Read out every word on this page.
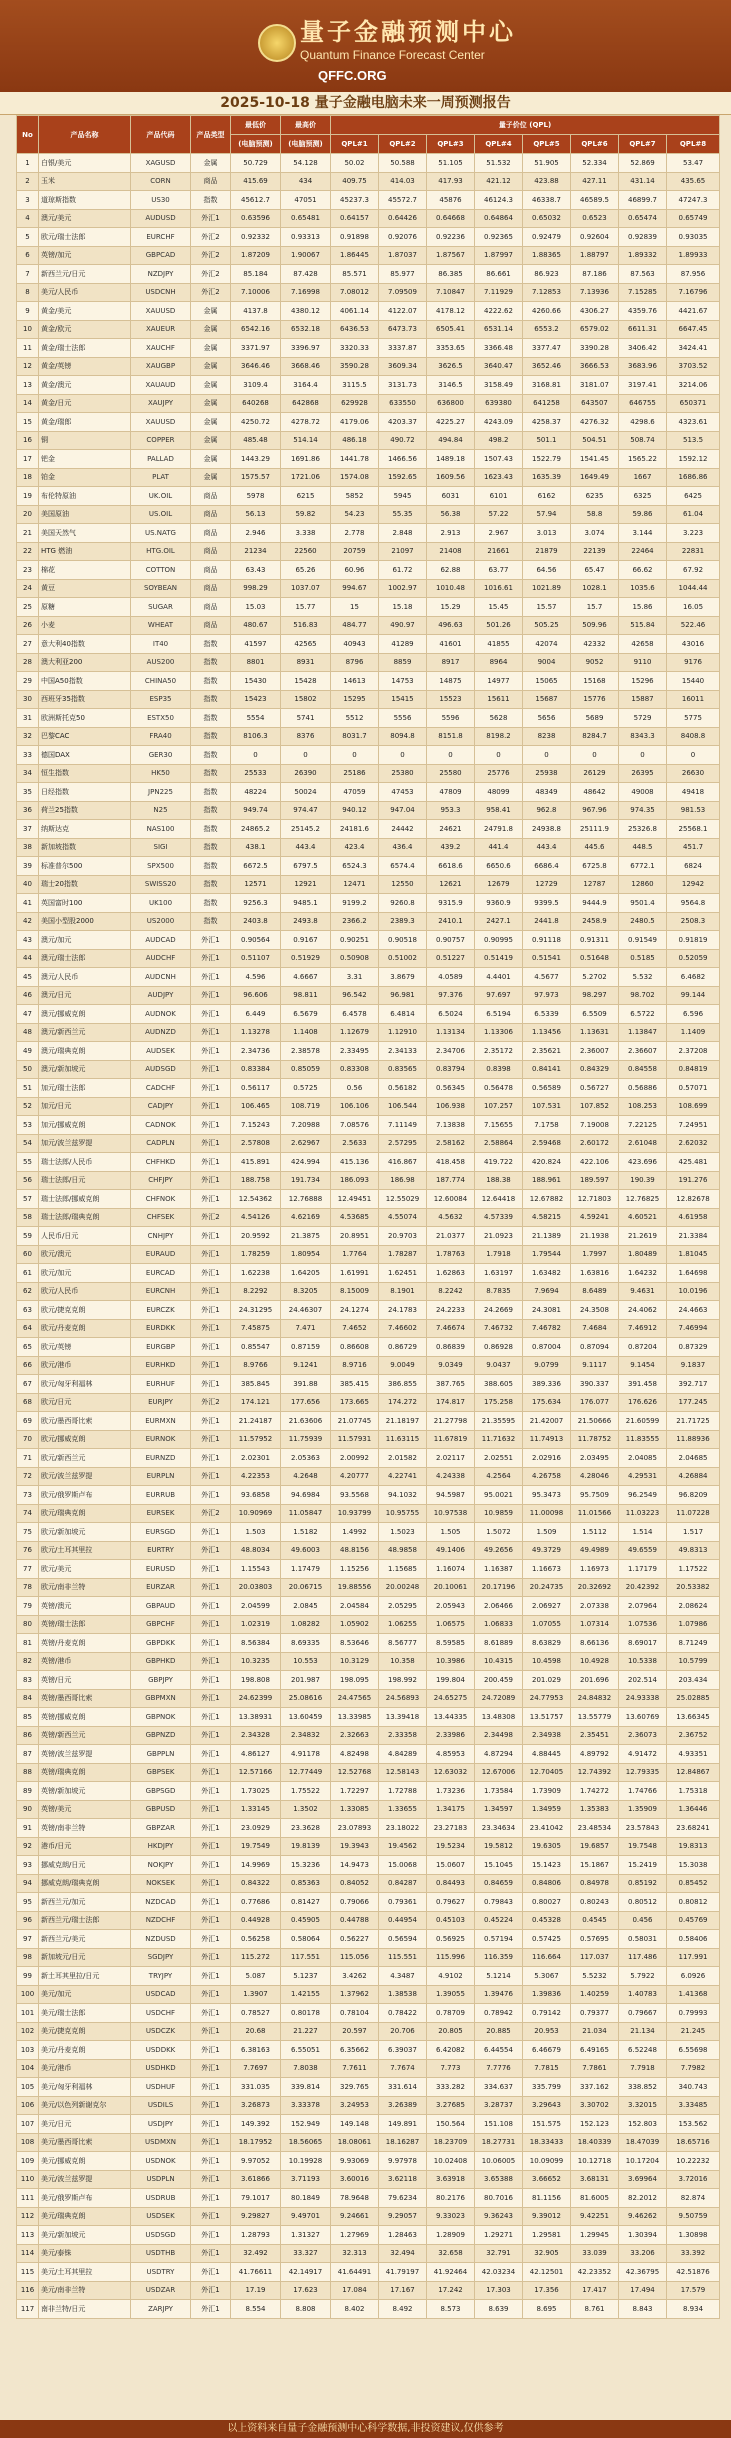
量子金融预测中心
Quantum Finance Forecast Center
QFFC.ORG
2025-10-18 量子金融电脑未来一周预测报告
No	产品名称	产品代码	产品类型	最低价	最高价	量子价位 (QPL)							
				(电脑预测)	(电脑预测)	QPL#1	QPL#2	QPL#3	QPL#4	QPL#5	QPL#6	QPL#7	QPL#8
1	白银/美元	XAGUSD	金属	50.729	54.128	50.02	50.588	51.105	51.532	51.905	52.334	52.869	53.47
2	玉米	CORN	商品	415.69	434	409.75	414.03	417.93	421.12	423.88	427.11	431.14	435.65
3	道琼斯指数	US30	指数	45612.7	47051	45237.3	45572.7	45876	46124.3	46338.7	46589.5	46899.7	47247.3
4	澳元/美元	AUDUSD	外汇1	0.63596	0.65481	0.64157	0.64426	0.64668	0.64864	0.65032	0.6523	0.65474	0.65749
5	欧元/瑞士法郎	EURCHF	外汇2	0.92332	0.93313	0.91898	0.92076	0.92236	0.92365	0.92479	0.92604	0.92839	0.93035
6	英镑/加元	GBPCAD	外汇2	1.87209	1.90067	1.86445	1.87037	1.87567	1.87997	1.88365	1.88797	1.89332	1.89933
7	新西兰元/日元	NZDJPY	外汇2	85.184	87.428	85.571	85.977	86.385	86.661	86.923	87.186	87.563	87.956
8	美元/人民币	USDCNH	外汇2	7.10006	7.16998	7.08012	7.09509	7.10847	7.11929	7.12853	7.13936	7.15285	7.16796
9	黄金/美元	XAUUSD	金属	4137.8	4380.12	4061.14	4122.07	4178.12	4222.62	4260.66	4306.27	4359.76	4421.67
10	黄金/欧元	XAUEUR	金属	6542.16	6532.18	6436.53	6473.73	6505.41	6531.14	6553.2	6579.02	6611.31	6647.45
11	黄金/瑞士法郎	XAUCHF	金属	3371.97	3396.97	3320.33	3337.87	3353.65	3366.48	3377.47	3390.28	3406.42	3424.41
12	黄金/英镑	XAUGBP	金属	3646.46	3668.46	3590.28	3609.34	3626.5	3640.47	3652.46	3666.53	3683.96	3703.52
13	黄金/澳元	XAUAUD	金属	3109.4	3164.4	3115.5	3131.73	3146.5	3158.49	3168.81	3181.07	3197.41	3214.06
14	黄金/日元	XAUJPY	金属	640268	642868	629928	633550	636800	639380	641258	643507	646755	650371
15	黄金/瑞郎	XAUUSD	金属	4250.72	4278.72	4179.06	4203.37	4225.27	4243.09	4258.37	4276.32	4298.6	4323.61
16	铜	COPPER	金属	485.48	514.14	486.18	490.72	494.84	498.2	501.1	504.51	508.74	513.5
17	钯金	PALLAD	金属	1443.29	1691.86	1441.78	1466.56	1489.18	1507.43	1522.79	1541.45	1565.22	1592.12
18	铂金	PLAT	金属	1575.57	1721.06	1574.08	1592.65	1609.56	1623.43	1635.39	1649.49	1667	1686.86
19	布伦特原油	UK.OIL	商品	5978	6215	5852	5945	6031	6101	6162	6235	6325	6425
20	美国原油	US.OIL	商品	56.13	59.82	54.23	55.35	56.38	57.22	57.94	58.8	59.86	61.04
21	美国天然气	US.NATG	商品	2.946	3.338	2.778	2.848	2.913	2.967	3.013	3.074	3.144	3.223
22	HTG 燃油	HTG.OIL	商品	21234	22560	20759	21097	21408	21661	21879	22139	22464	22831
23	棉花	COTTON	商品	63.43	65.26	60.96	61.72	62.88	63.77	64.56	65.47	66.62	67.92
24	黄豆	SOYBEAN	商品	998.29	1037.07	994.67	1002.97	1010.48	1016.61	1021.89	1028.1	1035.6	1044.44
25	原糖	SUGAR	商品	15.03	15.77	15	15.18	15.29	15.45	15.57	15.7	15.86	16.05
26	小麦	WHEAT	商品	480.67	516.83	484.77	490.97	496.63	501.26	505.25	509.96	515.84	522.46
27	意大利40指数	IT40	指数	41597	42565	40943	41289	41601	41855	42074	42332	42658	43016
28	澳大利亚200	AUS200	指数	8801	8931	8796	8859	8917	8964	9004	9052	9110	9176
29	中国A50指数	CHINA50	指数	15430	15428	14613	14753	14875	14977	15065	15168	15296	15440
30	西班牙35指数	ESP35	指数	15423	15802	15295	15415	15523	15611	15687	15776	15887	16011
31	欧洲斯托克50	ESTX50	指数	5554	5741	5512	5556	5596	5628	5656	5689	5729	5775
32	巴黎CAC	FRA40	指数	8106.3	8376	8031.7	8094.8	8151.8	8198.2	8238	8284.7	8343.3	8408.8
33	德国DAX	GER30	指数	0	0	0	0	0	0	0	0	0	0
34	恒生指数	HK50	指数	25533	26390	25186	25380	25580	25776	25938	26129	26395	26630
35	日经指数	JPN225	指数	48224	50024	47059	47453	47809	48099	48349	48642	49008	49418
36	荷兰25指数	N25	指数	949.74	974.47	940.12	947.04	953.3	958.41	962.8	967.96	974.35	981.53
37	纳斯达克	NAS100	指数	24865.2	25145.2	24181.6	24442	24621	24791.8	24938.8	25111.9	25326.8	25568.1
38	新加坡指数	SIGI	指数	438.1	443.4	423.4	436.4	439.2	441.4	443.4	445.6	448.5	451.7
39	标准普尔500	SPX500	指数	6672.5	6797.5	6524.3	6574.4	6618.6	6650.6	6686.4	6725.8	6772.1	6824
40	瑞士20指数	SWISS20	指数	12571	12921	12471	12550	12621	12679	12729	12787	12860	12942
41	英国富时100	UK100	指数	9256.3	9485.1	9199.2	9260.8	9315.9	9360.9	9399.5	9444.9	9501.4	9564.8
42	美国小型股2000	US2000	指数	2403.8	2493.8	2366.2	2389.3	2410.1	2427.1	2441.8	2458.9	2480.5	2508.3
43	澳元/加元	AUDCAD	外汇1	0.90564	0.9167	0.90251	0.90518	0.90757	0.90995	0.91118	0.91311	0.91549	0.91819
44	澳元/瑞士法郎	AUDCHF	外汇1	0.51107	0.51929	0.50908	0.51002	0.51227	0.51419	0.51541	0.51648	0.5185	0.52059
45	澳元/人民币	AUDCNH	外汇1	4.596	4.6667	3.31	3.8679	4.0589	4.4401	4.5677	5.2702	5.532	6.4682
46	澳元/日元	AUDJPY	外汇1	96.606	98.811	96.542	96.981	97.376	97.697	97.973	98.297	98.702	99.144
47	澳元/挪威克朗	AUDNOK	外汇1	6.449	6.5679	6.4578	6.4814	6.5024	6.5194	6.5339	6.5509	6.5722	6.596
48	澳元/新西兰元	AUDNZD	外汇1	1.13278	1.1408	1.12679	1.12910	1.13134	1.13306	1.13456	1.13631	1.13847	1.1409
49	澳元/瑞典克朗	AUDSEK	外汇1	2.34736	2.38578	2.33495	2.34133	2.34706	2.35172	2.35621	2.36007	2.36607	2.37208
50	澳元/新加坡元	AUDSGD	外汇1	0.83384	0.85059	0.83308	0.83565	0.83794	0.8398	0.84141	0.84329	0.84558	0.84819
51	加元/瑞士法郎	CADCHF	外汇1	0.56117	0.5725	0.56	0.56182	0.56345	0.56478	0.56589	0.56727	0.56886	0.57071
52	加元/日元	CADJPY	外汇1	106.465	108.719	106.106	106.544	106.938	107.257	107.531	107.852	108.253	108.699
53	加元/挪威克朗	CADNOK	外汇1	7.15243	7.20988	7.08576	7.11149	7.13838	7.15655	7.1758	7.19008	7.22125	7.24951
54	加元/波兰兹罗提	CADPLN	外汇1	2.57808	2.62967	2.5633	2.57295	2.58162	2.58864	2.59468	2.60172	2.61048	2.62032
55	瑞士法郎/人民币	CHFHKD	外汇1	415.891	424.994	415.136	416.867	418.458	419.722	420.824	422.106	423.696	425.481
56	瑞士法郎/日元	CHFJPY	外汇1	188.758	191.734	186.093	186.98	187.774	188.38	188.961	189.597	190.39	191.276
57	瑞士法郎/挪威克朗	CHFNOK	外汇1	12.54362	12.76888	12.49451	12.55029	12.60084	12.64418	12.67882	12.71803	12.76825	12.82678
58	瑞士法郎/瑞典克朗	CHFSEK	外汇2	4.54126	4.62169	4.53685	4.55074	4.5632	4.57339	4.58215	4.59241	4.60521	4.61958
59	人民币/日元	CNHJPY	外汇1	20.9592	21.3875	20.8951	20.9703	21.0377	21.0923	21.1389	21.1938	21.2619	21.3384
60	欧元/澳元	EURAUD	外汇1	1.78259	1.80954	1.7764	1.78287	1.78763	1.7918	1.79544	1.7997	1.80489	1.81045
61	欧元/加元	EURCAD	外汇1	1.62238	1.64205	1.61991	1.62451	1.62863	1.63197	1.63482	1.63816	1.64232	1.64698
62	欧元/人民币	EURCNH	外汇1	8.2292	8.3205	8.15009	8.1901	8.2242	8.7835	7.9694	8.6489	9.4631	10.0196
63	欧元/捷克克朗	EURCZK	外汇1	24.31295	24.46307	24.1274	24.1783	24.2233	24.2669	24.3081	24.3508	24.4062	24.4663
64	欧元/丹麦克朗	EURDKK	外汇1	7.45875	7.471	7.4652	7.46602	7.46674	7.46732	7.46782	7.4684	7.46912	7.46994
65	欧元/英镑	EURGBP	外汇1	0.85547	0.87159	0.86608	0.86729	0.86839	0.86928	0.87004	0.87094	0.87204	0.87329
66	欧元/港币	EURHKD	外汇1	8.9766	9.1241	8.9716	9.0049	9.0349	9.0437	9.0799	9.1117	9.1454	9.1837
67	欧元/匈牙利福林	EURHUF	外汇1	385.845	391.88	385.415	386.855	387.765	388.605	389.336	390.337	391.458	392.717
68	欧元/日元	EURJPY	外汇2	174.121	177.656	173.665	174.272	174.817	175.258	175.634	176.077	176.626	177.245
69	欧元/墨西哥比索	EURMXN	外汇1	21.24187	21.63606	21.07745	21.18197	21.27798	21.35595	21.42007	21.50666	21.60599	21.71725
70	欧元/挪威克朗	EURNOK	外汇1	11.57952	11.75939	11.57931	11.63115	11.67819	11.71632	11.74913	11.78752	11.83555	11.88936
71	欧元/新西兰元	EURNZD	外汇1	2.02301	2.05363	2.00992	2.01582	2.02117	2.02551	2.02916	2.03495	2.04085	2.04685
72	欧元/波兰兹罗提	EURPLN	外汇1	4.22353	4.2648	4.20777	4.22741	4.24338	4.2564	4.26758	4.28046	4.29531	4.26884
73	欧元/俄罗斯卢布	EURRUB	外汇1	93.6858	94.6984	93.5568	94.1032	94.5987	95.0021	95.3473	95.7509	96.2549	96.8209
74	欧元/瑞典克朗	EURSEK	外汇2	10.90969	11.05847	10.93799	10.95755	10.97538	10.9859	11.00098	11.01566	11.03223	11.07228
75	欧元/新加坡元	EURSGD	外汇1	1.503	1.5182	1.4992	1.5023	1.505	1.5072	1.509	1.5112	1.514	1.517
76	欧元/土耳其里拉	EURTRY	外汇1	48.8034	49.6003	48.8156	48.9858	49.1406	49.2656	49.3729	49.4989	49.6559	49.8313
77	欧元/美元	EURUSD	外汇1	1.15543	1.17479	1.15256	1.15685	1.16074	1.16387	1.16673	1.16973	1.17179	1.17522
78	欧元/南非兰特	EURZAR	外汇1	20.03803	20.06715	19.88556	20.00248	20.10061	20.17196	20.24735	20.32692	20.42392	20.53382
79	英镑/澳元	GBPAUD	外汇1	2.04599	2.0845	2.04584	2.05295	2.05943	2.06466	2.06927	2.07338	2.07964	2.08624
80	英镑/瑞士法郎	GBPCHF	外汇1	1.02319	1.08282	1.05902	1.06255	1.06575	1.06833	1.07055	1.07314	1.07536	1.07986
81	英镑/丹麦克朗	GBPDKK	外汇1	8.56384	8.69335	8.53646	8.56777	8.59585	8.61889	8.63829	8.66136	8.69017	8.71249
82	英镑/港币	GBPHKD	外汇1	10.3235	10.553	10.3129	10.358	10.3986	10.4315	10.4598	10.4928	10.5338	10.5799
83	英镑/日元	GBPJPY	外汇1	198.808	201.987	198.095	198.992	199.804	200.459	201.029	201.696	202.514	203.434
84	英镑/墨西哥比索	GBPMXN	外汇1	24.62399	25.08616	24.47565	24.56893	24.65275	24.72089	24.77953	24.84832	24.93338	25.02885
85	英镑/挪威克朗	GBPNOK	外汇1	13.38931	13.60459	13.33985	13.39418	13.44335	13.48308	13.51757	13.55779	13.60769	13.66345
86	英镑/新西兰元	GBPNZD	外汇1	2.34328	2.34832	2.32663	2.33358	2.33986	2.34498	2.34938	2.35451	2.36073	2.36752
87	英镑/波兰兹罗提	GBPPLN	外汇1	4.86127	4.91178	4.82498	4.84289	4.85953	4.87294	4.88445	4.89792	4.91472	4.93351
88	英镑/瑞典克朗	GBPSEK	外汇1	12.57166	12.77449	12.52768	12.58143	12.63032	12.67006	12.70405	12.74392	12.79335	12.84867
89	英镑/新加坡元	GBPSGD	外汇1	1.73025	1.75522	1.72297	1.72788	1.73236	1.73584	1.73909	1.74272	1.74766	1.75318
90	英镑/美元	GBPUSD	外汇1	1.33145	1.3502	1.33085	1.33655	1.34175	1.34597	1.34959	1.35383	1.35909	1.36446
91	英镑/南非兰特	GBPZAR	外汇1	23.0929	23.3628	23.07893	23.18022	23.27183	23.34634	23.41042	23.48534	23.57843	23.68241
92	港币/日元	HKDJPY	外汇1	19.7549	19.8139	19.3943	19.4562	19.5234	19.5812	19.6305	19.6857	19.7548	19.8313
93	挪威克朗/日元	NOKJPY	外汇1	14.9969	15.3236	14.9473	15.0068	15.0607	15.1045	15.1423	15.1867	15.2419	15.3038
94	挪威克朗/瑞典克朗	NOKSEK	外汇1	0.84322	0.85363	0.84052	0.84287	0.84493	0.84659	0.84806	0.84978	0.85192	0.85452
95	新西兰元/加元	NZDCAD	外汇1	0.77686	0.81427	0.79066	0.79361	0.79627	0.79843	0.80027	0.80243	0.80512	0.80812
96	新西兰元/瑞士法郎	NZDCHF	外汇1	0.44928	0.45905	0.44788	0.44954	0.45103	0.45224	0.45328	0.4545	0.456	0.45769
97	新西兰元/美元	NZDUSD	外汇1	0.56258	0.58064	0.56227	0.56594	0.56925	0.57194	0.57425	0.57695	0.58031	0.58406
98	新加坡元/日元	SGDJPY	外汇1	115.272	117.551	115.056	115.551	115.996	116.359	116.664	117.037	117.486	117.991
99	新土耳其里拉/日元	TRYJPY	外汇1	5.087	5.1237	3.4262	4.3487	4.9102	5.1214	5.3067	5.5232	5.7922	6.0926
100	美元/加元	USDCAD	外汇1	1.3907	1.42155	1.37962	1.38538	1.39055	1.39476	1.39836	1.40259	1.40783	1.41368
101	美元/瑞士法郎	USDCHF	外汇1	0.78527	0.80178	0.78104	0.78422	0.78709	0.78942	0.79142	0.79377	0.79667	0.79993
102	美元/捷克克朗	USDCZK	外汇1	20.68	21.227	20.597	20.706	20.805	20.885	20.953	21.034	21.134	21.245
103	美元/丹麦克朗	USDDKK	外汇1	6.38163	6.55051	6.35662	6.39037	6.42082	6.44554	6.46679	6.49165	6.52248	6.55698
104	美元/港币	USDHKD	外汇1	7.7697	7.8038	7.7611	7.7674	7.773	7.7776	7.7815	7.7861	7.7918	7.7982
105	美元/匈牙利福林	USDHUF	外汇1	331.035	339.814	329.765	331.614	333.282	334.637	335.799	337.162	338.852	340.743
106	美元/以色列新谢克尔	USDILS	外汇1	3.26873	3.33378	3.24953	3.26389	3.27685	3.28737	3.29643	3.30702	3.32015	3.33485
107	美元/日元	USDJPY	外汇1	149.392	152.949	149.148	149.891	150.564	151.108	151.575	152.123	152.803	153.562
108	美元/墨西哥比索	USDMXN	外汇1	18.17952	18.56065	18.08061	18.16287	18.23709	18.27731	18.33433	18.40339	18.47039	18.65716
109	美元/挪威克朗	USDNOK	外汇1	9.97052	10.19928	9.93069	9.97978	10.02408	10.06005	10.09099	10.12718	10.17204	10.22232
110	美元/波兰兹罗提	USDPLN	外汇1	3.61866	3.71193	3.60016	3.62118	3.63918	3.65388	3.66652	3.68131	3.69964	3.72016
111	美元/俄罗斯卢布	USDRUB	外汇1	79.1017	80.1849	78.9648	79.6234	80.2176	80.7016	81.1156	81.6005	82.2012	82.874
112	美元/瑞典克朗	USDSEK	外汇1	9.29827	9.49701	9.24661	9.29057	9.33023	9.36243	9.39012	9.42251	9.46262	9.50759
113	美元/新加坡元	USDSGD	外汇1	1.28793	1.31327	1.27969	1.28463	1.28909	1.29271	1.29581	1.29945	1.30394	1.30898
114	美元/泰铢	USDTHB	外汇1	32.492	33.327	32.313	32.494	32.658	32.791	32.905	33.039	33.206	33.392
115	美元/土耳其里拉	USDTRY	外汇1	41.76611	42.14917	41.64491	41.79197	41.92464	42.03234	42.12501	42.23352	42.36795	42.51876
116	美元/南非兰特	USDZAR	外汇1	17.19	17.623	17.084	17.167	17.242	17.303	17.356	17.417	17.494	17.579
117	南非兰特/日元	ZARJPY	外汇1	8.554	8.808	8.402	8.492	8.573	8.639	8.695	8.761	8.843	8.934
以上资料来自量子金融预测中心科学数据,非投资建议,仅供参考
